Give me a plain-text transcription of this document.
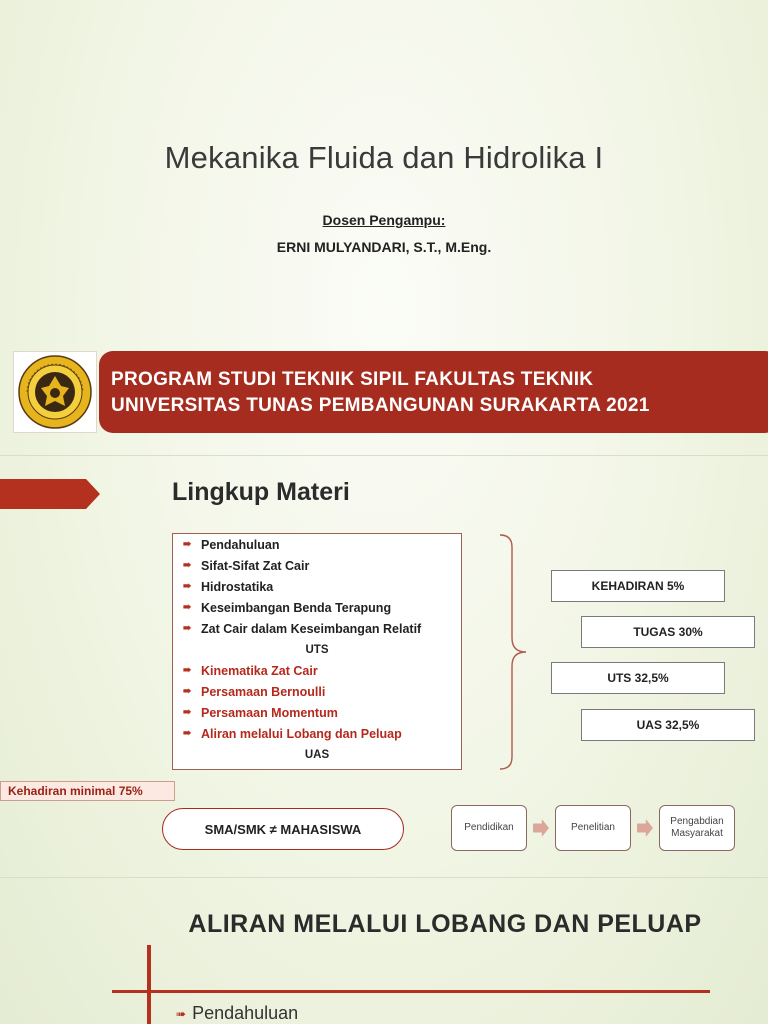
Mekanika Fluida dan Hidrolika I
Dosen Pengampu:
ERNI MULYANDARI, S.T., M.Eng.
PROGRAM STUDI TEKNIK SIPIL FAKULTAS TEKNIK
UNIVERSITAS TUNAS PEMBANGUNAN SURAKARTA 2021
Lingkup Materi
➠ Pendahuluan
➠ Sifat-Sifat Zat Cair
➠ Hidrostatika
➠ Keseimbangan Benda Terapung
➠ Zat Cair dalam Keseimbangan Relatif
UTS
➠ Kinematika Zat Cair
➠ Persamaan Bernoulli
➠ Persamaan Momentum
➠ Aliran melalui Lobang dan Peluap
UAS
KEHADIRAN 5%
TUGAS 30%
UTS 32,5%
UAS 32,5%
Kehadiran minimal 75%
SMA/SMK ≠ MAHASISWA	Pendidikan	Penelitian
Pengabdian Masyarakat
ALIRAN MELALUI LOBANG DAN PELUAP
➠ Pendahuluan
